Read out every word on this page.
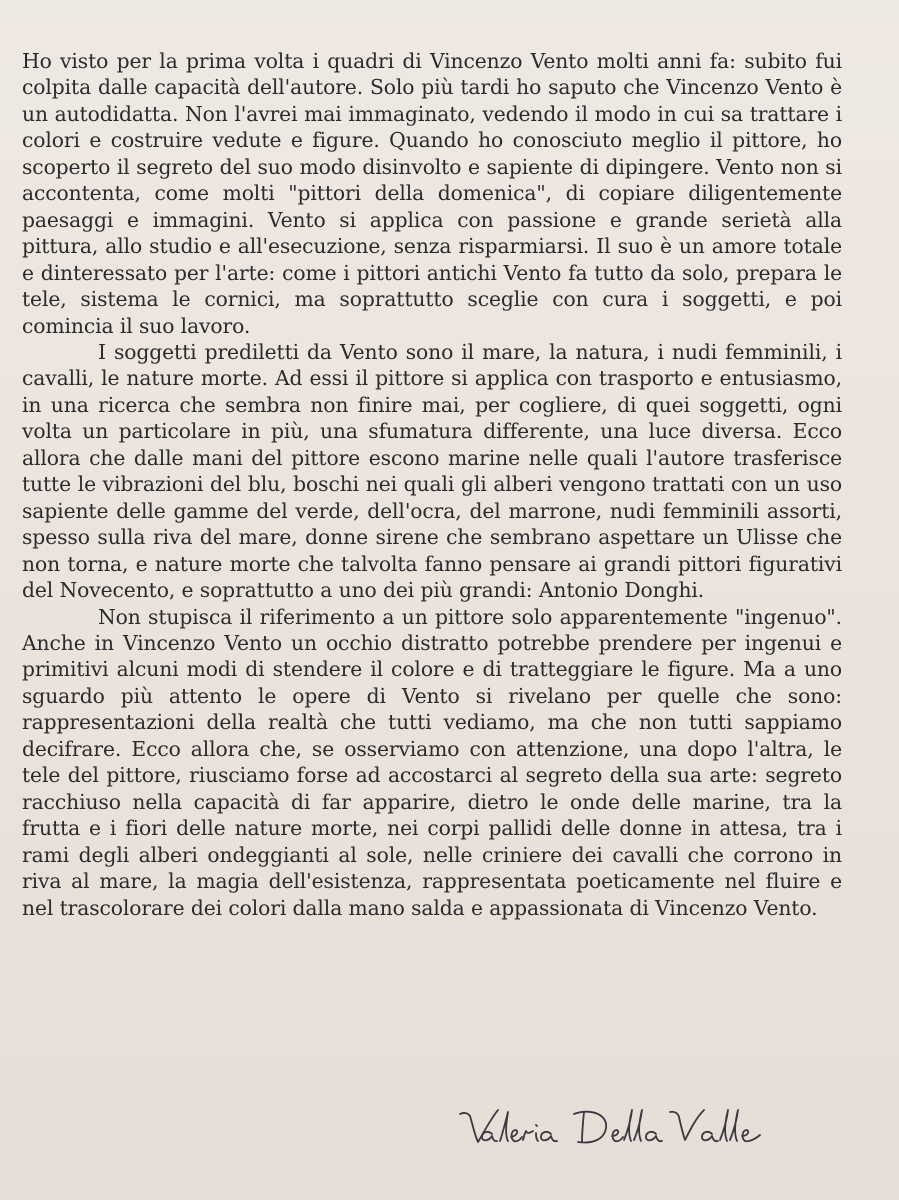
Ho visto per la prima volta i quadri di Vincenzo Vento molti anni fa: subito fui colpita dalle capacità dell'autore. Solo più tardi ho saputo che Vincenzo Vento è un autodidatta. Non l'avrei mai immaginato, vedendo il modo in cui sa trattare i colori e costruire vedute e figure. Quando ho conosciuto meglio il pittore, ho scoperto il segreto del suo modo disinvolto e sapiente di dipingere. Vento non si accontenta, come molti "pittori della domenica", di copiare diligentemente paesaggi e immagini. Vento si applica con passione e grande serietà alla pittura, allo studio e all'esecuzione, senza risparmiarsi. Il suo è un amore totale e dinteressato per l'arte: come i pittori antichi Vento fa tutto da solo, prepara le tele, sistema le cornici, ma soprattutto sceglie con cura i soggetti, e poi comincia il suo lavoro.

I soggetti prediletti da Vento sono il mare, la natura, i nudi femminili, i cavalli, le nature morte. Ad essi il pittore si applica con trasporto e entusiasmo, in una ricerca che sembra non finire mai, per cogliere, di quei soggetti, ogni volta un particolare in più, una sfumatura differente, una luce diversa. Ecco allora che dalle mani del pittore escono marine nelle quali l'autore trasferisce tutte le vibrazioni del blu, boschi nei quali gli alberi vengono trattati con un uso sapiente delle gamme del verde, dell'ocra, del marrone, nudi femminili assorti, spesso sulla riva del mare, donne sirene che sembrano aspettare un Ulisse che non torna, e nature morte che talvolta fanno pensare ai grandi pittori figurativi del Novecento, e soprattutto a uno dei più grandi: Antonio Donghi.

Non stupisca il riferimento a un pittore solo apparentemente "ingenuo". Anche in Vincenzo Vento un occhio distratto potrebbe prendere per ingenui e primitivi alcuni modi di stendere il colore e di tratteggiare le figure. Ma a uno sguardo più attento le opere di Vento si rivelano per quelle che sono: rappresentazioni della realtà che tutti vediamo, ma che non tutti sappiamo decifrare. Ecco allora che, se osserviamo con attenzione, una dopo l'altra, le tele del pittore, riusciamo forse ad accostarci al segreto della sua arte: segreto racchiuso nella capacità di far apparire, dietro le onde delle marine, tra la frutta e i fiori delle nature morte, nei corpi pallidi delle donne in attesa, tra i rami degli alberi ondeggianti al sole, nelle criniere dei cavalli che corrono in riva al mare, la magia dell'esistenza, rappresentata poeticamente nel fluire e nel trascolorare dei colori dalla mano salda e appassionata di Vincenzo Vento.
